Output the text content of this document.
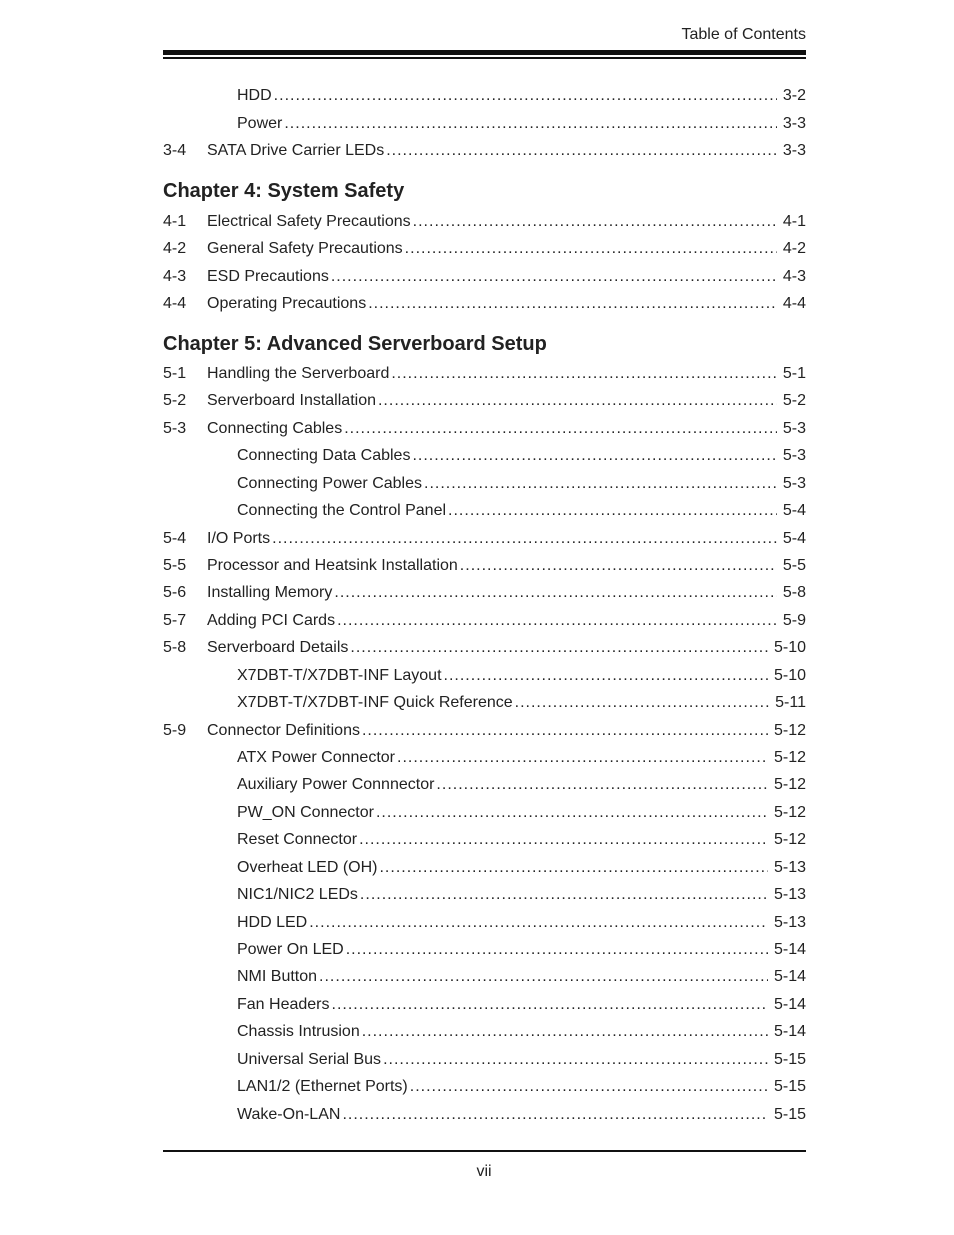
Table of Contents
HDD .....	3-2
Power .....	3-3
3-4	SATA Drive Carrier LEDs .....	3-3
Chapter 4: System Safety
4-1	Electrical Safety Precautions .....	4-1
4-2	General Safety Precautions .....	4-2
4-3	ESD Precautions .....	4-3
4-4	Operating Precautions .....	4-4
Chapter 5: Advanced Serverboard Setup
5-1	Handling the Serverboard .....	5-1
5-2	Serverboard Installation .....	5-2
5-3	Connecting Cables .....	5-3
Connecting Data Cables .....	5-3
Connecting Power Cables .....	5-3
Connecting the Control Panel .....	5-4
5-4	I/O Ports .....	5-4
5-5	Processor and Heatsink Installation .....	5-5
5-6	Installing Memory .....	5-8
5-7	Adding PCI Cards .....	5-9
5-8	Serverboard Details .....	5-10
X7DBT-T/X7DBT-INF Layout .....	5-10
X7DBT-T/X7DBT-INF Quick Reference .....	5-11
5-9	Connector Definitions .....	5-12
ATX Power Connector .....	5-12
Auxiliary Power Connnector .....	5-12
PW_ON Connector .....	5-12
Reset Connector .....	5-12
Overheat LED (OH) .....	5-13
NIC1/NIC2 LEDs .....	5-13
HDD LED .....	5-13
Power On LED .....	5-14
NMI Button .....	5-14
Fan Headers .....	5-14
Chassis Intrusion .....	5-14
Universal Serial Bus .....	5-15
LAN1/2 (Ethernet Ports) .....	5-15
Wake-On-LAN .....	5-15
vii
